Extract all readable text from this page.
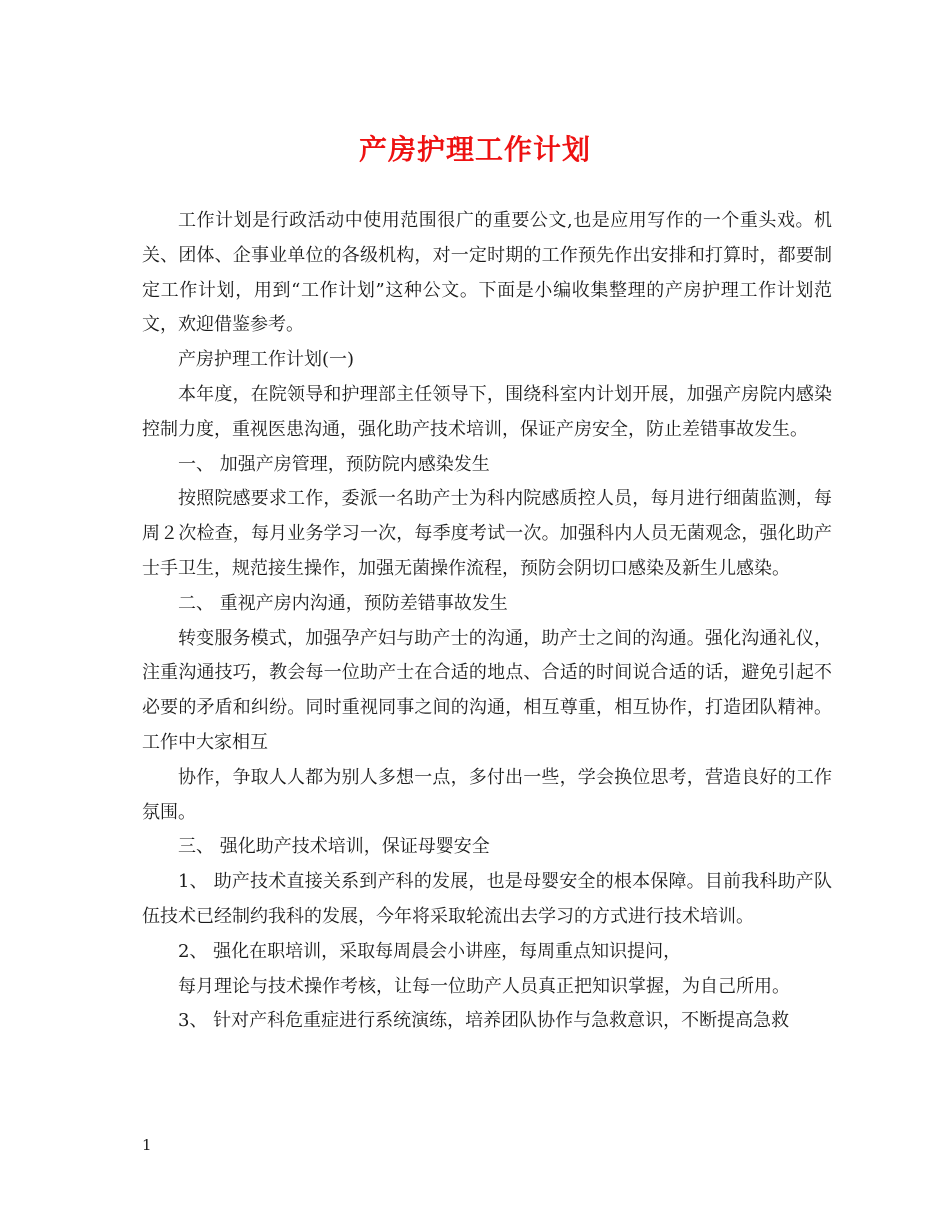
产房护理工作计划

工作计划是行政活动中使用范围很广的重要公文,也是应用写作的一个重头戏。机关、团体、企事业单位的各级机构，对一定时期的工作预先作出安排和打算时，都要制定工作计划，用到“工作计划”这种公文。下面是小编收集整理的产房护理工作计划范文，欢迎借鉴参考。

产房护理工作计划(一)

本年度，在院领导和护理部主任领导下，围绕科室内计划开展，加强产房院内感染控制力度，重视医患沟通，强化助产技术培训，保证产房安全，防止差错事故发生。

一、 加强产房管理，预防院内感染发生

按照院感要求工作，委派一名助产士为科内院感质控人员，每月进行细菌监测，每周２次检查，每月业务学习一次，每季度考试一次。加强科内人员无菌观念，强化助产士手卫生，规范接生操作，加强无菌操作流程，预防会阴切口感染及新生儿感染。

二、 重视产房内沟通，预防差错事故发生

转变服务模式，加强孕产妇与助产士的沟通，助产士之间的沟通。强化沟通礼仪，注重沟通技巧，教会每一位助产士在合适的地点、合适的时间说合适的话，避免引起不必要的矛盾和纠纷。同时重视同事之间的沟通，相互尊重，相互协作，打造团队精神。工作中大家相互

协作，争取人人都为别人多想一点，多付出一些，学会换位思考，营造良好的工作氛围。

三、 强化助产技术培训，保证母婴安全

1、 助产技术直接关系到产科的发展，也是母婴安全的根本保障。目前我科助产队伍技术已经制约我科的发展，今年将采取轮流出去学习的方式进行技术培训。

2、 强化在职培训，采取每周晨会小讲座，每周重点知识提问，

每月理论与技术操作考核，让每一位助产人员真正把知识掌握，为自己所用。

3、 针对产科危重症进行系统演练，培养团队协作与急救意识，不断提高急救

1
